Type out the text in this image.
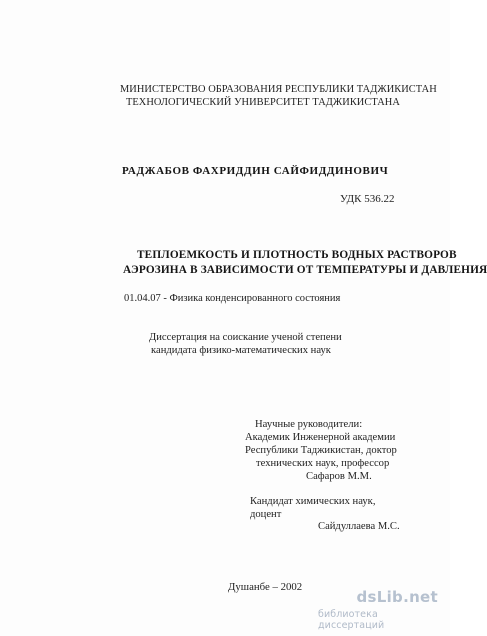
МИНИСТЕРСТВО ОБРАЗОВАНИЯ РЕСПУБЛИКИ ТАДЖИКИСТАН
ТЕХНОЛОГИЧЕСКИЙ УНИВЕРСИТЕТ ТАДЖИКИСТАНА
РАДЖАБОВ ФАХРИДДИН САЙФИДДИНОВИЧ
УДК 536.22
ТЕПЛОЕМКОСТЬ И ПЛОТНОСТЬ ВОДНЫХ РАСТВОРОВ
АЭРОЗИНА В ЗАВИСИМОСТИ ОТ ТЕМПЕРАТУРЫ И ДАВЛЕНИЯ
01.04.07 - Физика конденсированного состояния
Диссертация на соискание ученой степени
кандидата физико-математических наук
Научные руководители:
Академик Инженерной академии
Республики Таджикистан, доктор
технических наук, профессор
Сафаров М.М.
Кандидат химических наук,
доцент
Сайдуллаева М.С.
Душанбе – 2002
dsLib.net
библиотека диссертаций
